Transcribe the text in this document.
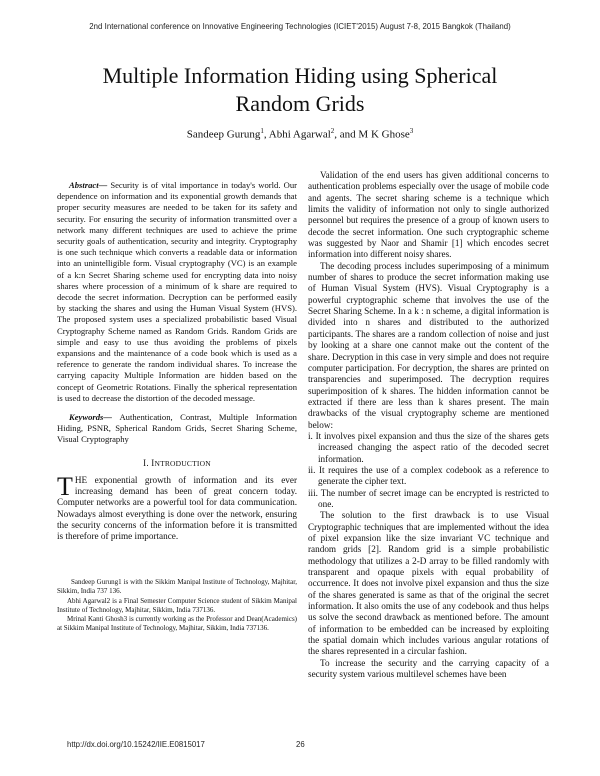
2nd International conference on Innovative Engineering Technologies (ICIET'2015) August 7-8, 2015 Bangkok (Thailand)
Multiple Information Hiding using Spherical
Random Grids
Sandeep Gurung$^1$, Abhi Agarwal$^2$, and M K Ghose$^3$

Abstract— Security is of vital importance in today's world. Our dependence on information and its exponential growth demands that proper security measures are needed to be taken for its safety and security. For ensuring the security of information transmitted over a network many different techniques are used to achieve the prime security goals of authentication, security and integrity. Cryptography is one such technique which converts a readable data or information into an unintelligible form. Visual cryptography (VC) is an example of a k:n Secret Sharing scheme used for encrypting data into noisy shares where procession of a minimum of k share are required to decode the secret information. Decryption can be performed easily by stacking the shares and using the Human Visual System (HVS). The proposed system uses a specialized probabilistic based Visual Cryptography Scheme named as Random Grids. Random Grids are simple and easy to use thus avoiding the problems of pixels expansions and the maintenance of a code book which is used as a reference to generate the random individual shares. To increase the carrying capacity Multiple Information are hidden based on the concept of Geometric Rotations. Finally the spherical representation is used to decrease the distortion of the decoded message.

Keywords— Authentication, Contrast, Multiple Information Hiding, PSNR, Spherical Random Grids, Secret Sharing Scheme, Visual Cryptography

I. INTRODUCTION

THE exponential growth of information and its ever increasing demand has been of great concern today. Computer networks are a powerful tool for data communication. Nowadays almost everything is done over the network, ensuring the security concerns of the information before it is transmitted is therefore of prime importance.

Sandeep Gurung1 is with the Sikkim Manipal Institute of Technology, Majhitar, Sikkim, India 737 136.

Abhi Agarwal2 is a Final Semester Computer Science student of Sikkim Manipal Institute of Technology, Majhitar, Sikkim, India 737136.

Mrinal Kanti Ghosh3 is currently working as the Professor and Dean(Academics) at Sikkim Manipal Institute of Technology, Majhitar, Sikkim, India 737136.

Validation of the end users has given additional concerns to authentication problems especially over the usage of mobile code and agents. The secret sharing scheme is a technique which limits the validity of information not only to single authorized personnel but requires the presence of a group of known users to decode the secret information. One such cryptographic scheme was suggested by Naor and Shamir [1] which encodes secret information into different noisy shares.

The decoding process includes superimposing of a minimum number of shares to produce the secret information making use of Human Visual System (HVS). Visual Cryptography is a powerful cryptographic scheme that involves the use of the Secret Sharing Scheme. In a k : n scheme, a digital information is divided into n shares and distributed to the authorized participants. The shares are a random collection of noise and just by looking at a share one cannot make out the content of the share. Decryption in this case in very simple and does not require computer participation. For decryption, the shares are printed on transparencies and superimposed. The decryption requires superimposition of k shares. The hidden information cannot be extracted if there are less than k shares present. The main drawbacks of the visual cryptography scheme are mentioned below:

i. It involves pixel expansion and thus the size of the shares gets increased changing the aspect ratio of the decoded secret information.

ii. It requires the use of a complex codebook as a reference to generate the cipher text.

iii. The number of secret image can be encrypted is restricted to one.

The solution to the first drawback is to use Visual Cryptographic techniques that are implemented without the idea of pixel expansion like the size invariant VC technique and random grids [2]. Random grid is a simple probabilistic methodology that utilizes a 2-D array to be filled randomly with transparent and opaque pixels with equal probability of occurrence. It does not involve pixel expansion and thus the size of the shares generated is same as that of the original the secret information. It also omits the use of any codebook and thus helps us solve the second drawback as mentioned before. The amount of information to be embedded can be increased by exploiting the spatial domain which includes various angular rotations of the shares represented in a circular fashion.

To increase the security and the carrying capacity of a security system various multilevel schemes have been

http://dx.doi.org/10.15242/IIE.E0815017	26
